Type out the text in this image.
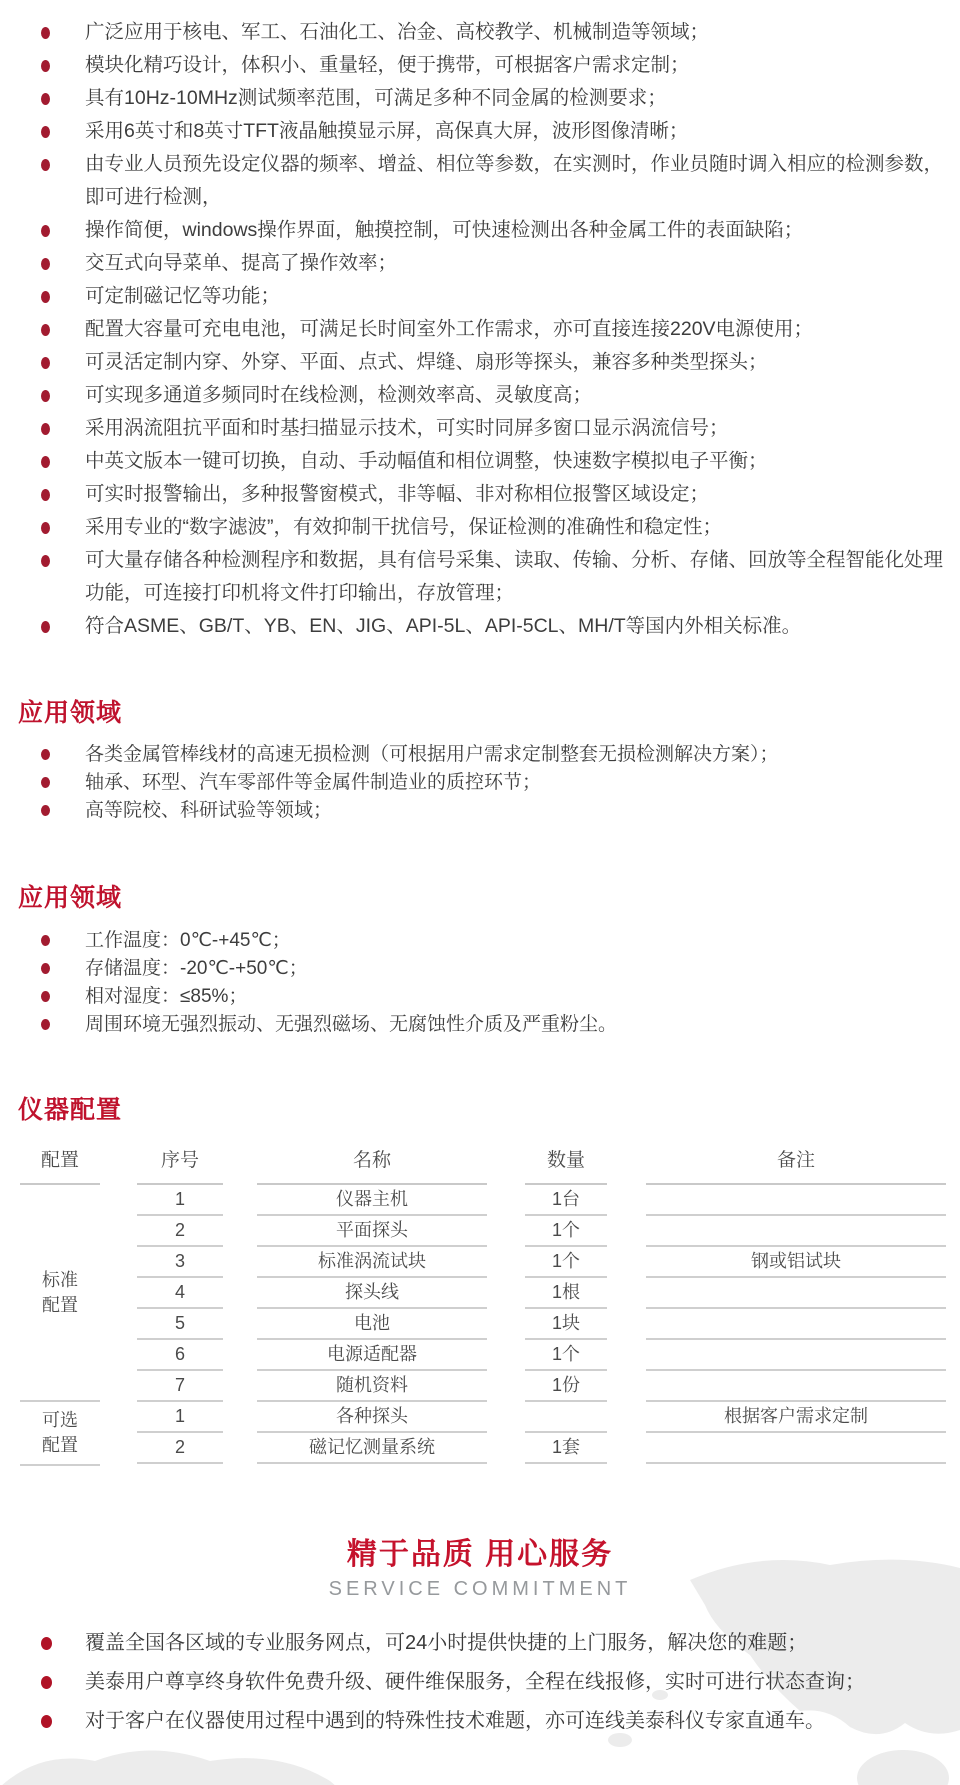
广泛应用于核电、军工、石油化工、冶金、高校教学、机械制造等领域；
模块化精巧设计，体积小、重量轻，便于携带，可根据客户需求定制；
具有10Hz-10MHz测试频率范围，可满足多种不同金属的检测要求；
采用6英寸和8英寸TFT液晶触摸显示屏，高保真大屏，波形图像清晰；
由专业人员预先设定仪器的频率、增益、相位等参数，在实测时，作业员随时调入相应的检测参数，即可进行检测，
操作简便，windows操作界面，触摸控制，可快速检测出各种金属工件的表面缺陷；
交互式向导菜单、提高了操作效率；
可定制磁记忆等功能；
配置大容量可充电电池，可满足长时间室外工作需求，亦可直接连接220V电源使用；
可灵活定制内穿、外穿、平面、点式、焊缝、扇形等探头，兼容多种类型探头；
可实现多通道多频同时在线检测，检测效率高、灵敏度高；
采用涡流阻抗平面和时基扫描显示技术，可实时同屏多窗口显示涡流信号；
中英文版本一键可切换，自动、手动幅值和相位调整，快速数字模拟电子平衡；
可实时报警输出，多种报警窗模式，非等幅、非对称相位报警区域设定；
采用专业的“数字滤波”，有效抑制干扰信号，保证检测的准确性和稳定性；
可大量存储各种检测程序和数据，具有信号采集、读取、传输、分析、存储、回放等全程智能化处理功能，可连接打印机将文件打印输出，存放管理；
符合ASME、GB/T、YB、EN、JIG、API-5L、API-5CL、MH/T等国内外相关标准。
应用领域
各类金属管棒线材的高速无损检测（可根据用户需求定制整套无损检测解决方案）；
轴承、环型、汽车零部件等金属件制造业的质控环节；
高等院校、科研试验等领域；
应用领域
工作温度：0℃-+45℃；
存储温度：-20℃-+50℃；
相对湿度：≤85%；
周围环境无强烈振动、无强烈磁场、无腐蚀性介质及严重粉尘。
仪器配置
配置
标准配置
可选配置
序号
1
2
3
4
5
6
7
1
2
名称
仪器主机
平面探头
标准涡流试块
探头线
电池
电源适配器
随机资料
各种探头
磁记忆测量系统
数量
1台
1个
1个
1根
1块
1个
1份
1套
备注
钢或铝试块
根据客户需求定制
精于品质 用心服务
SERVICE COMMITMENT
覆盖全国各区域的专业服务网点，可24小时提供快捷的上门服务，解决您的难题；
美泰用户尊享终身软件免费升级、硬件维保服务，全程在线报修，实时可进行状态查询；
对于客户在仪器使用过程中遇到的特殊性技术难题，亦可连线美泰科仪专家直通车。
